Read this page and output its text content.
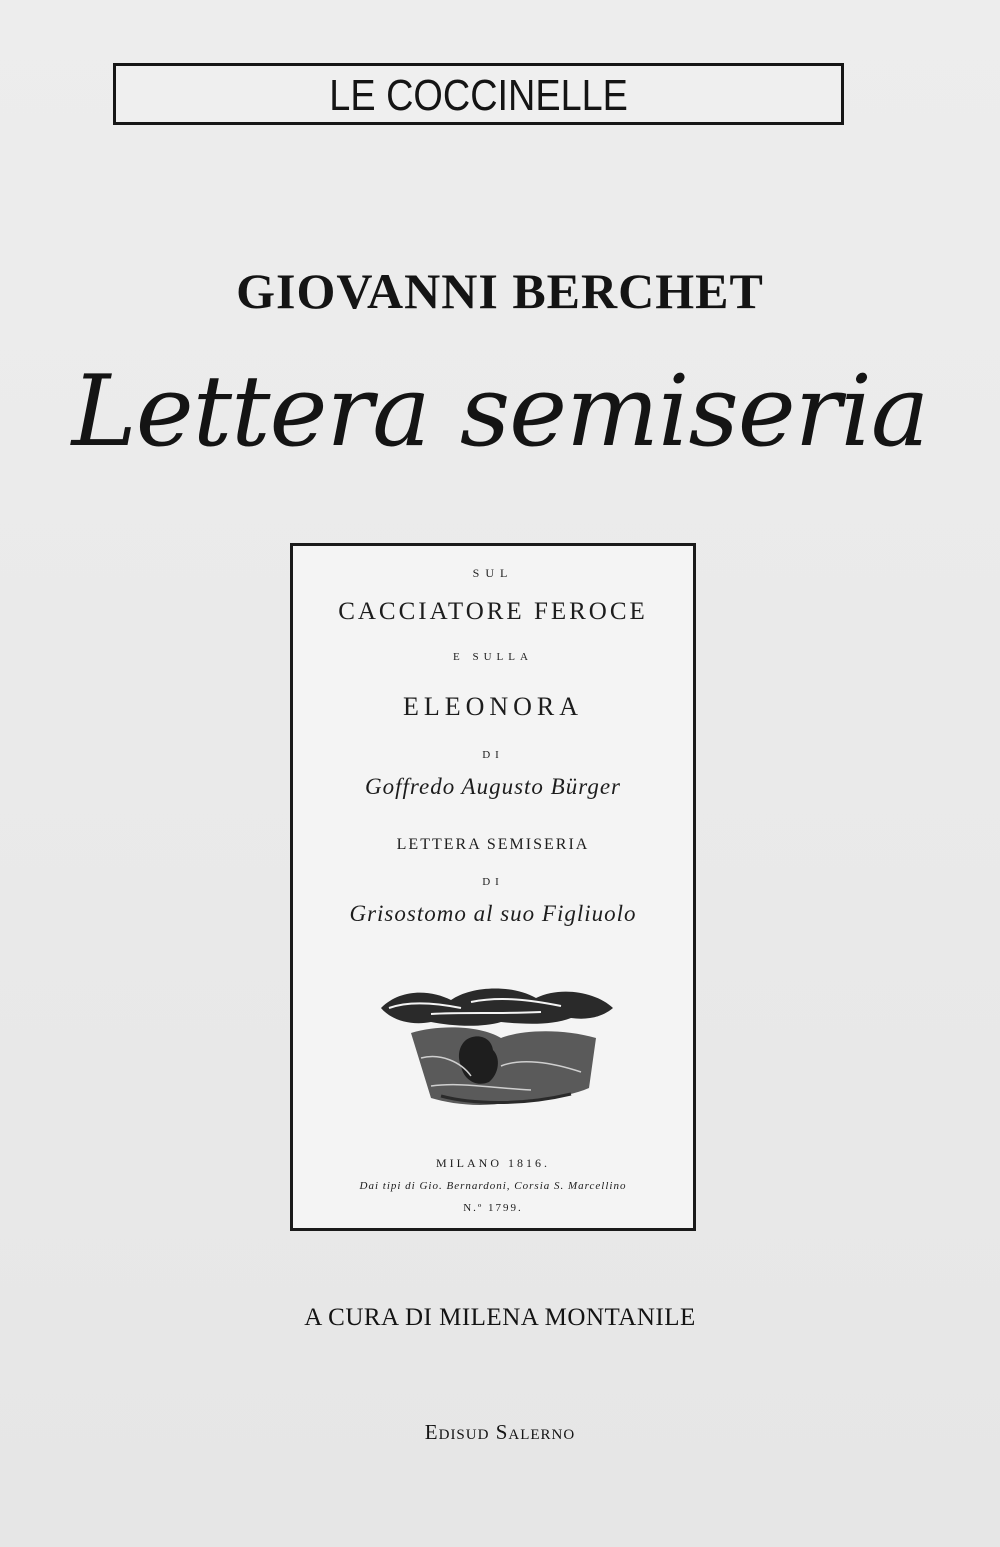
LE COCCINELLE
GIOVANNI BERCHET
Lettera semiseria
SUL
CACCIATORE FEROCE
E SULLA
ELEONORA
DI
Goffredo Augusto Bürger
LETTERA SEMISERIA
DI
Grisostomo al suo Figliuolo
MILANO 1816.
Dai tipi di Gio. Bernardoni, Corsia S. Marcellino
N.º 1799.
A CURA DI MILENA MONTANILE
Edisud Salerno
